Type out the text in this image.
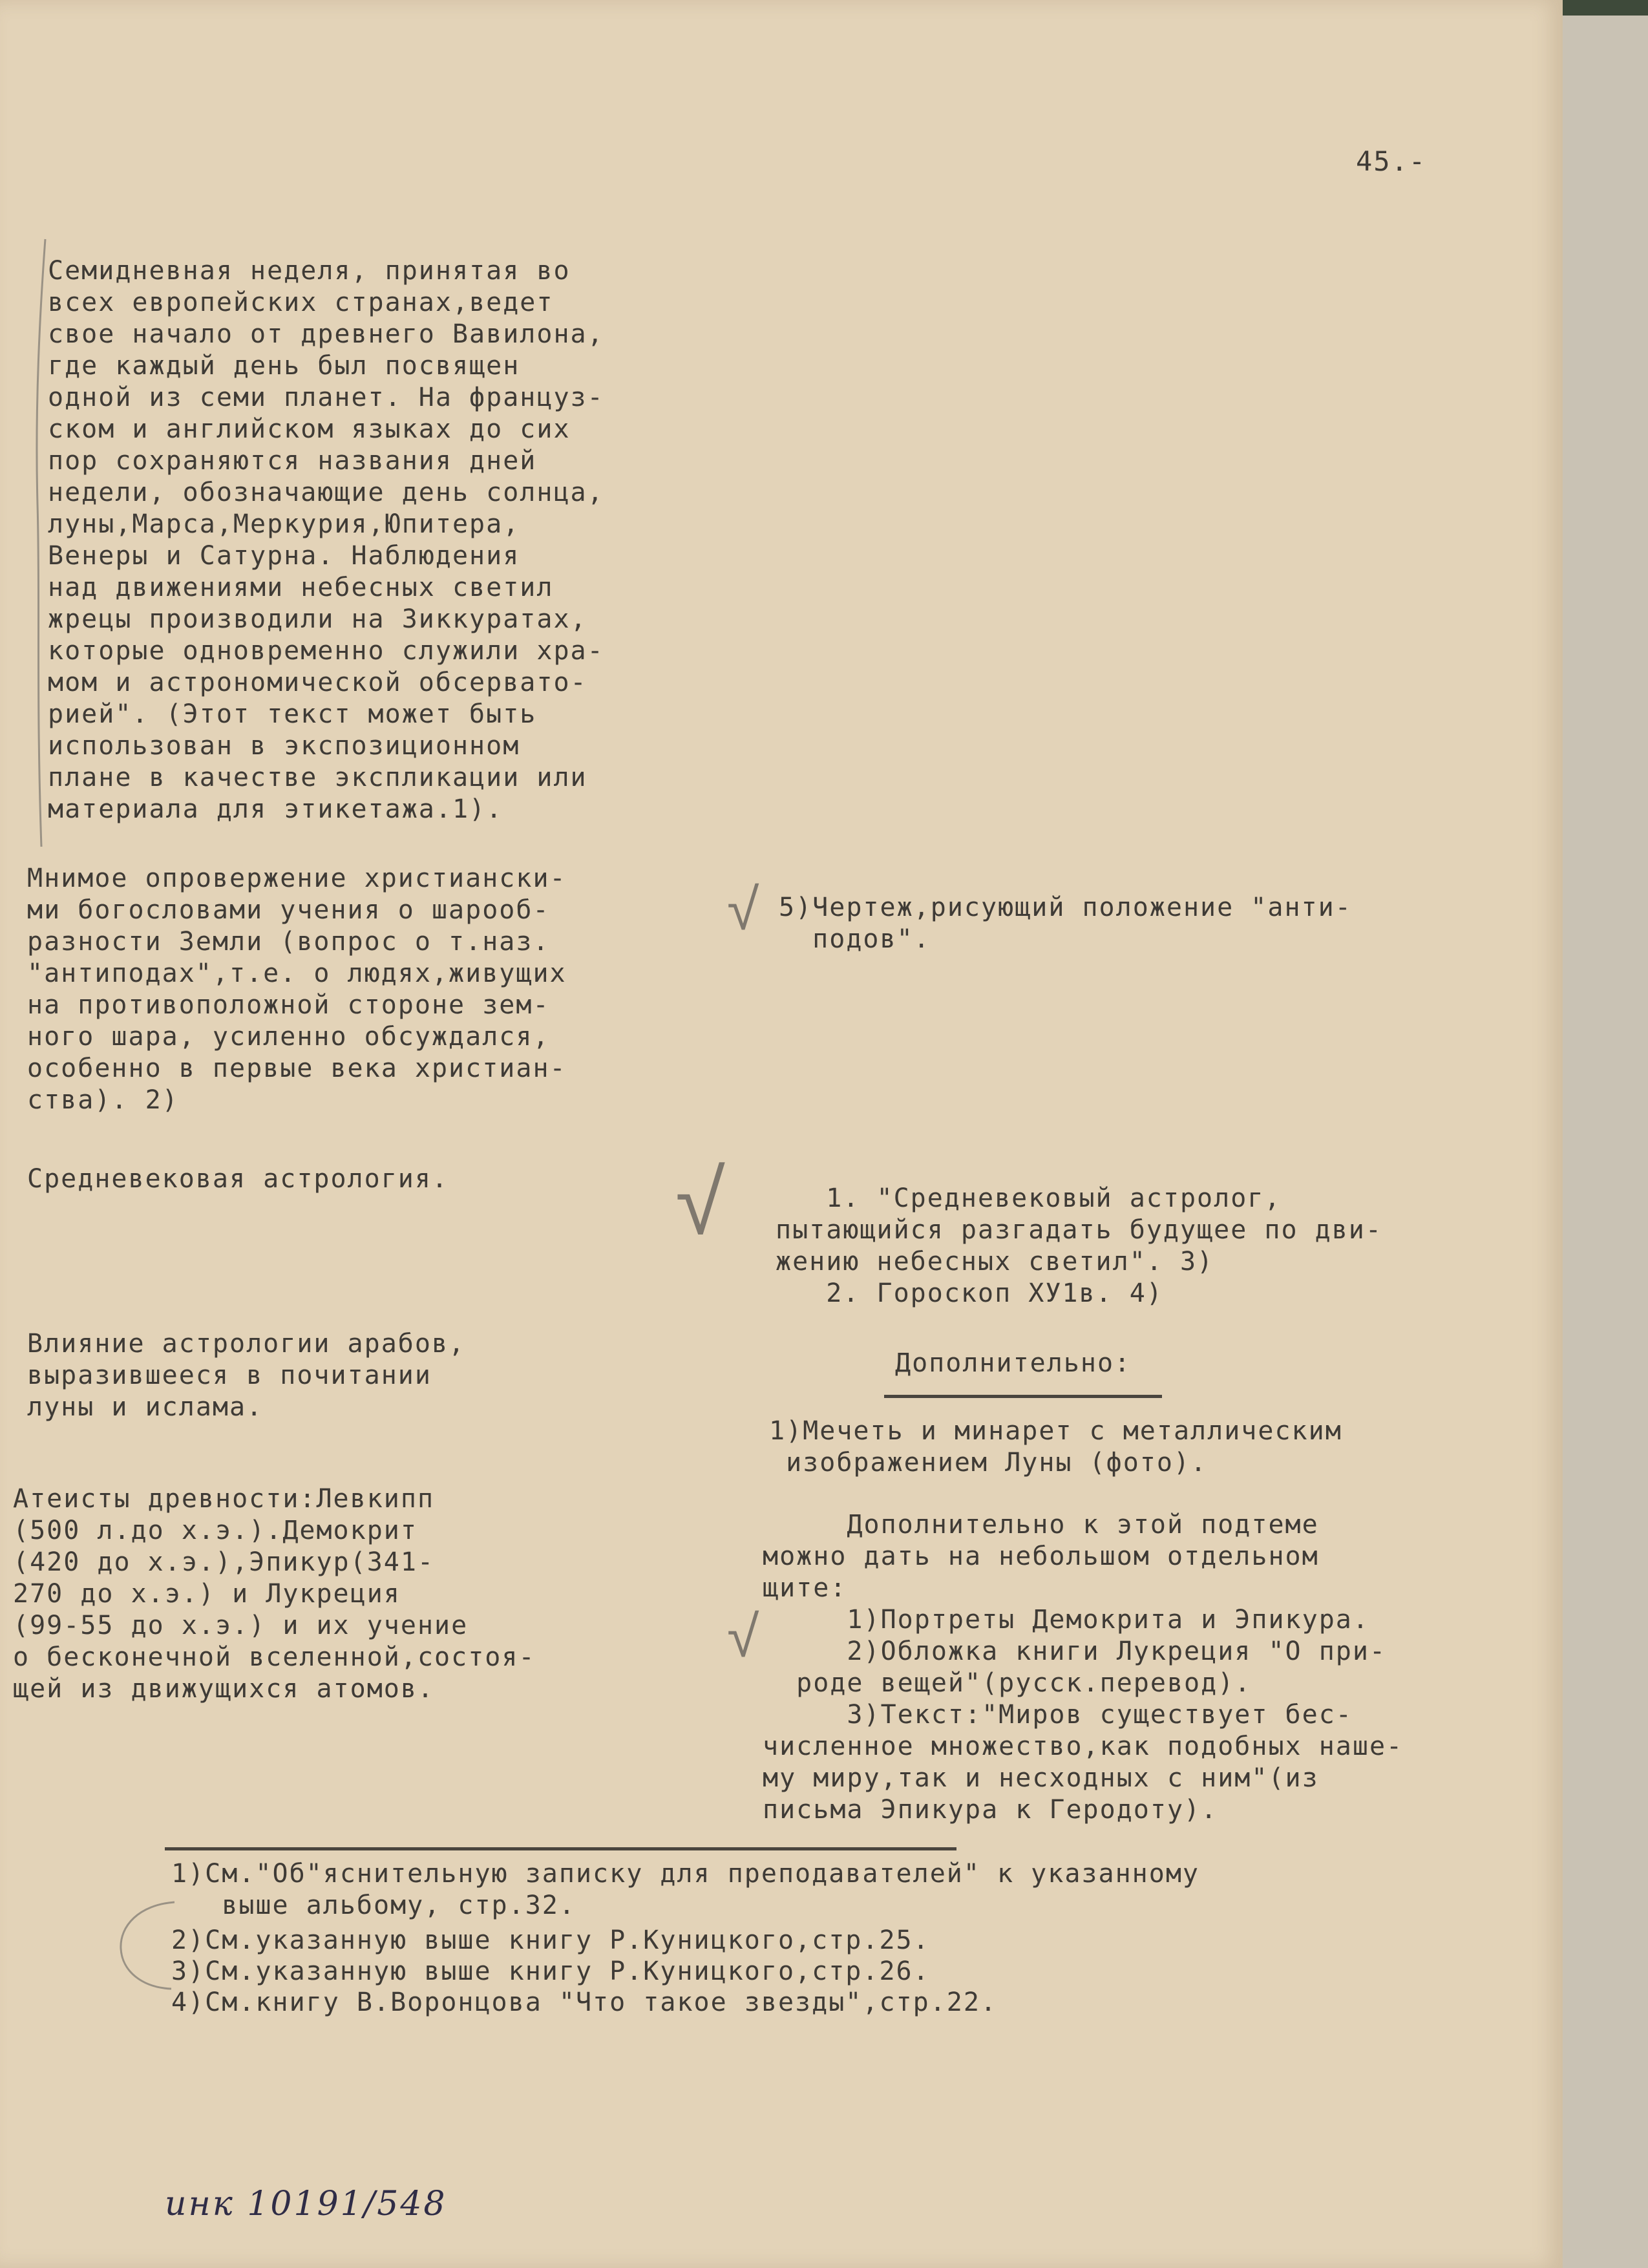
45.-
Семидневная неделя, принятая во
всех европейских странах,ведет
свое начало от древнего Вавилона,
где каждый день был посвящен
одной из семи планет. На француз-
ском и английском языках до сих
пор сохраняются названия дней
недели, обозначающие день солнца,
луны,Марса,Меркурия,Юпитера,
Венеры и Сатурна. Наблюдения
над движениями небесных светил
жрецы производили на Зиккуратах,
которые одновременно служили хра-
мом и астрономической обсервато-
рией". (Этот текст может быть
использован в экспозиционном
плане в качестве экспликации или
материала для этикетажа.1).
Мнимое опровержение христиански-
ми богословами учения о шарооб-
разности Земли (вопрос о т.наз.
"антиподах",т.е. о людях,живущих
на противоположной стороне зем-
ного шара, усиленно обсуждался,
особенно в первые века христиан-
ства). 2)
Средневековая астрология.
Влияние астрологии арабов,
выразившееся в почитании
луны и ислама.
Атеисты древности:Левкипп
(500 л.до х.э.).Демокрит
(420 до х.э.),Эпикур(341-
270 до х.э.) и Лукреция
(99-55 до х.э.) и их учение
о бесконечной вселенной,состоя-
щей из движущихся атомов.
5)Чертеж,рисующий положение "анти-
подов".
1. "Средневековый астролог,
пытающийся разгадать будущее по дви-
жению небесных светил". 3)
2. Гороскоп ХУ1в. 4)
Дополнительно:
1)Мечеть и минарет с металлическим
изображением Луны (фото).
Дополнительно к этой подтеме
можно дать на небольшом отдельном
щите:
1)Портреты Демокрита и Эпикура.
2)Обложка книги Лукреция "О при-
роде вещей"(русск.перевод).
3)Текст:"Миров существует бес-
численное множество,как подобных наше-
му миру,так и несходных с ним"(из
письма Эпикура к Геродоту).
1)См."Об"яснительную записку для преподавателей" к указанному
выше альбому, стр.32.
2)См.указанную выше книгу Р.Куницкого,стр.25.
3)См.указанную выше книгу Р.Куницкого,стр.26.
4)См.книгу В.Воронцова "Что такое звезды",стр.22.
√
√
√
инк 10191/548
